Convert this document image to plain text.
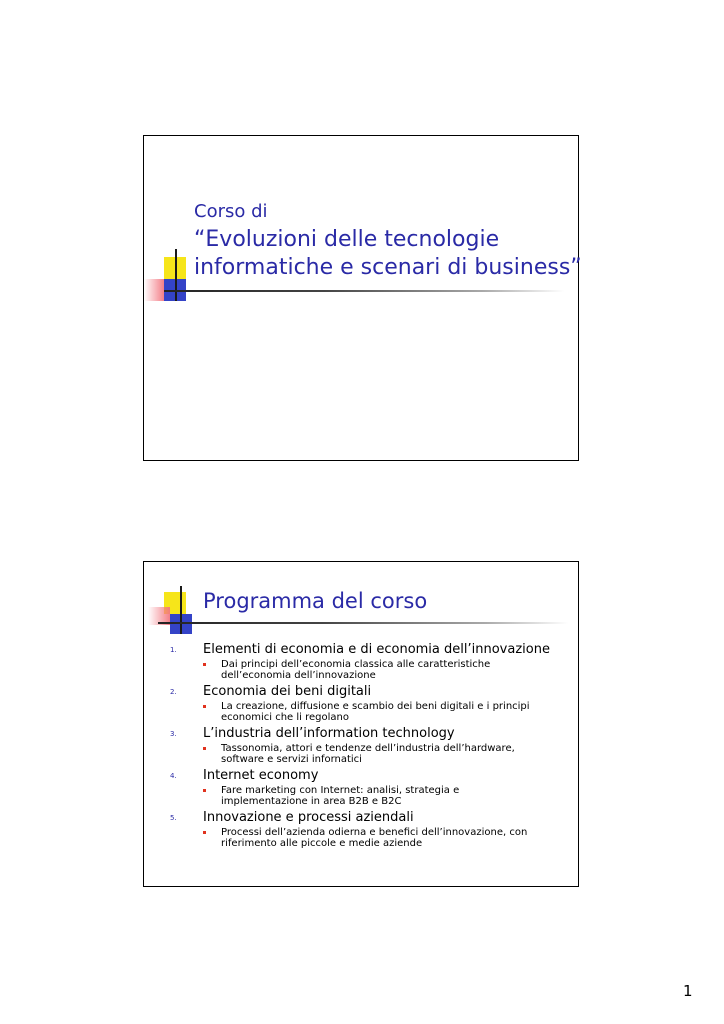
Corso di
“Evoluzioni delle tecnologie
informatiche e scenari di business”
Programma del corso
1. Elementi di economia e di economia dell’innovazione
Dai principi dell’economia classica alle caratteristiche
dell’economia dell’innovazione
2. Economia dei beni digitali
La creazione, diffusione e scambio dei beni digitali e i principi
economici che li regolano
3. L’industria dell’information technology
Tassonomia, attori e tendenze dell’industria dell’hardware,
software e servizi infornatici
4. Internet economy
Fare marketing con Internet: analisi, strategia e
implementazione in area B2B e B2C
5. Innovazione e processi aziendali
Processi dell’azienda odierna e benefici dell’innovazione, con
riferimento alle piccole e medie aziende
1
